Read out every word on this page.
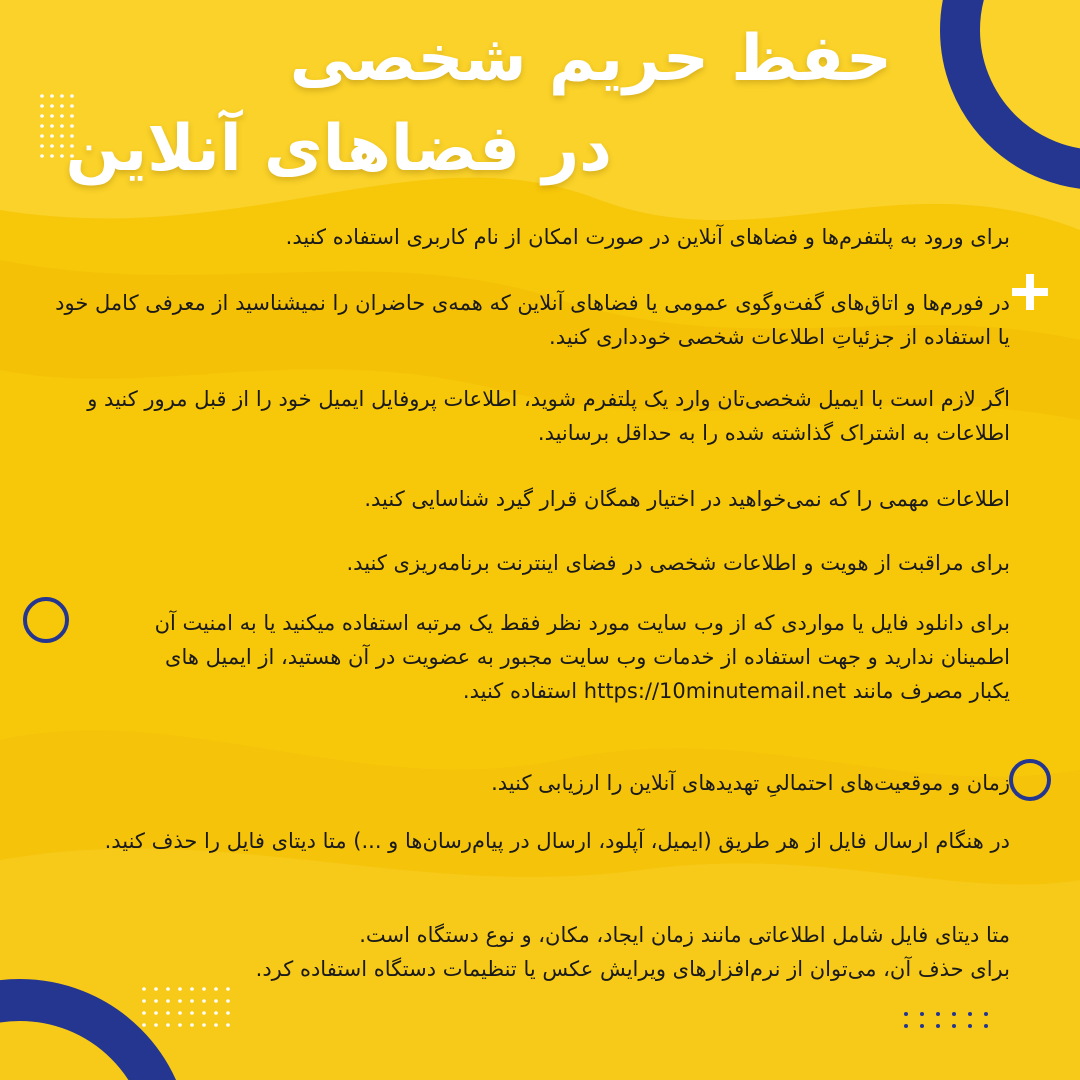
حفظ حریم شخصی
در فضاهای آنلاین

برای ورود به پلتفرم‌ها و فضاهای آنلاین در صورت امکان از نام کاربری استفاده کنید.

در فورم‌ها و اتاق‌های گفت‌وگوی عمومی یا فضاهای آنلاین که همه‌ی حاضران را نمیشناسید از معرفی کامل خود یا استفاده از جزئیاتِ اطلاعات شخصی خودداری کنید.

اگر لازم است با ایمیل شخصی‌تان وارد یک پلتفرم شوید، اطلاعات پروفایل ایمیل خود را از قبل مرور کنید و اطلاعات به اشتراک گذاشته شده را به حداقل برسانید.

اطلاعات مهمی را که نمی‌خواهید در اختیار همگان قرار گیرد شناسایی کنید.

برای مراقبت از هویت و اطلاعات شخصی در فضای اینترنت برنامه‌ریزی کنید.

برای دانلود فایل یا مواردی که از وب سایت مورد نظر فقط یک مرتبه استفاده میکنید یا به امنیت آن اطمینان ندارید و جهت استفاده از خدمات وب سایت مجبور به عضویت در آن هستید، از ایمیل های یکبار مصرف مانند https://10minutemail.net استفاده کنید.

زمان و موقعیت‌های احتمالیِ تهدیدهای آنلاین را ارزیابی کنید.

در هنگام ارسال فایل از هر طریق (ایمیل، آپلود، ارسال در پیام‌رسان‌ها و ...) متا دیتای فایل را حذف کنید.

متا دیتای فایل شامل اطلاعاتی مانند زمان ایجاد، مکان، و نوع دستگاه است.

برای حذف آن، می‌توان از نرم‌افزارهای ویرایش عکس یا تنظیمات دستگاه استفاده کرد.
